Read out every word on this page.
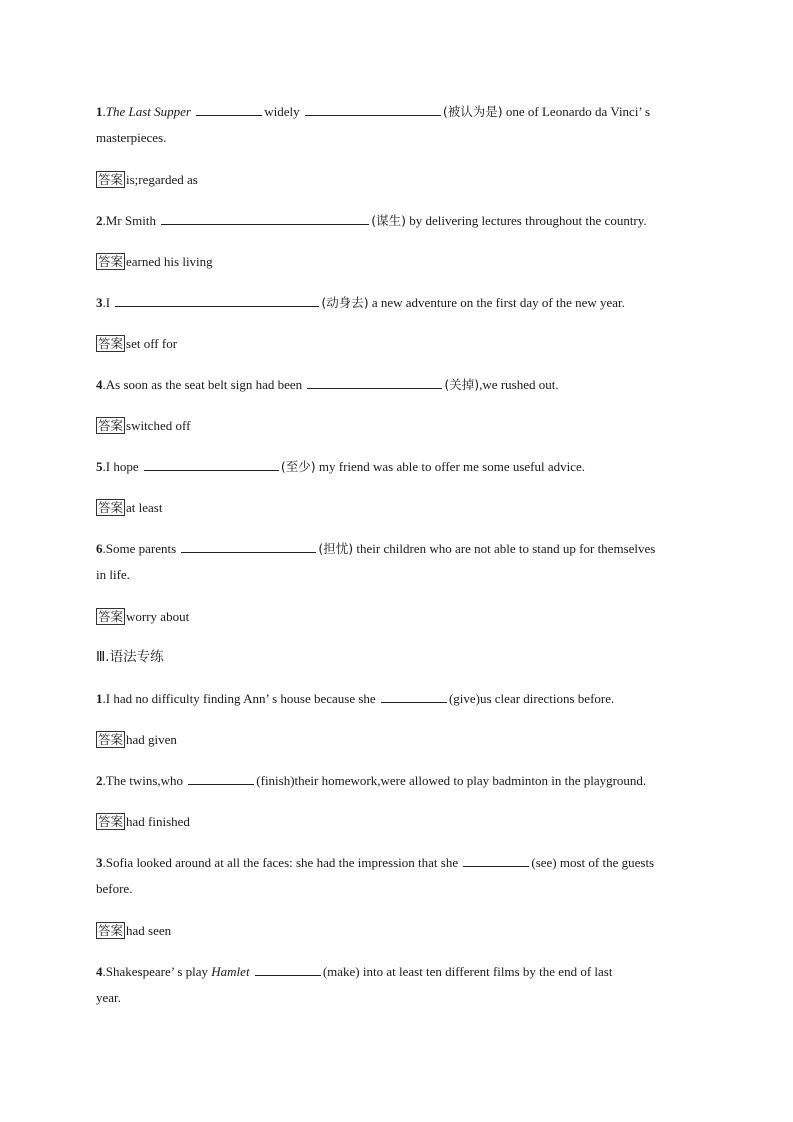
1.The Last Supper	widely	(被认为是) one of Leonardo da Vinci’ s
masterpieces.
答案 is;regarded as
2.Mr Smith	(谋生) by delivering lectures throughout the country.
答案 earned his living
3.I	(动身去) a new adventure on the first day of the new year.
答案 set off for
4.As soon as the seat belt sign had been	(关掉),we rushed out.
答案 switched off
5.I hope	(至少) my friend was able to offer me some useful advice.
答案 at least
6.Some parents	(担忧) their children who are not able to stand up for themselves
in life.
答案 worry about
Ⅲ.语法专练
1.I had no difficulty finding Ann’ s house because she	(give)us clear directions before.
答案 had given
2.The twins,who	(finish)their homework,were allowed to play badminton in the playground.
答案 had finished
3.Sofia looked around at all the faces: she had the impression that she	(see) most of the guests
before.
答案 had seen
4.Shakespeare’ s play Hamlet	(make) into at least ten different films by the end of last
year.
